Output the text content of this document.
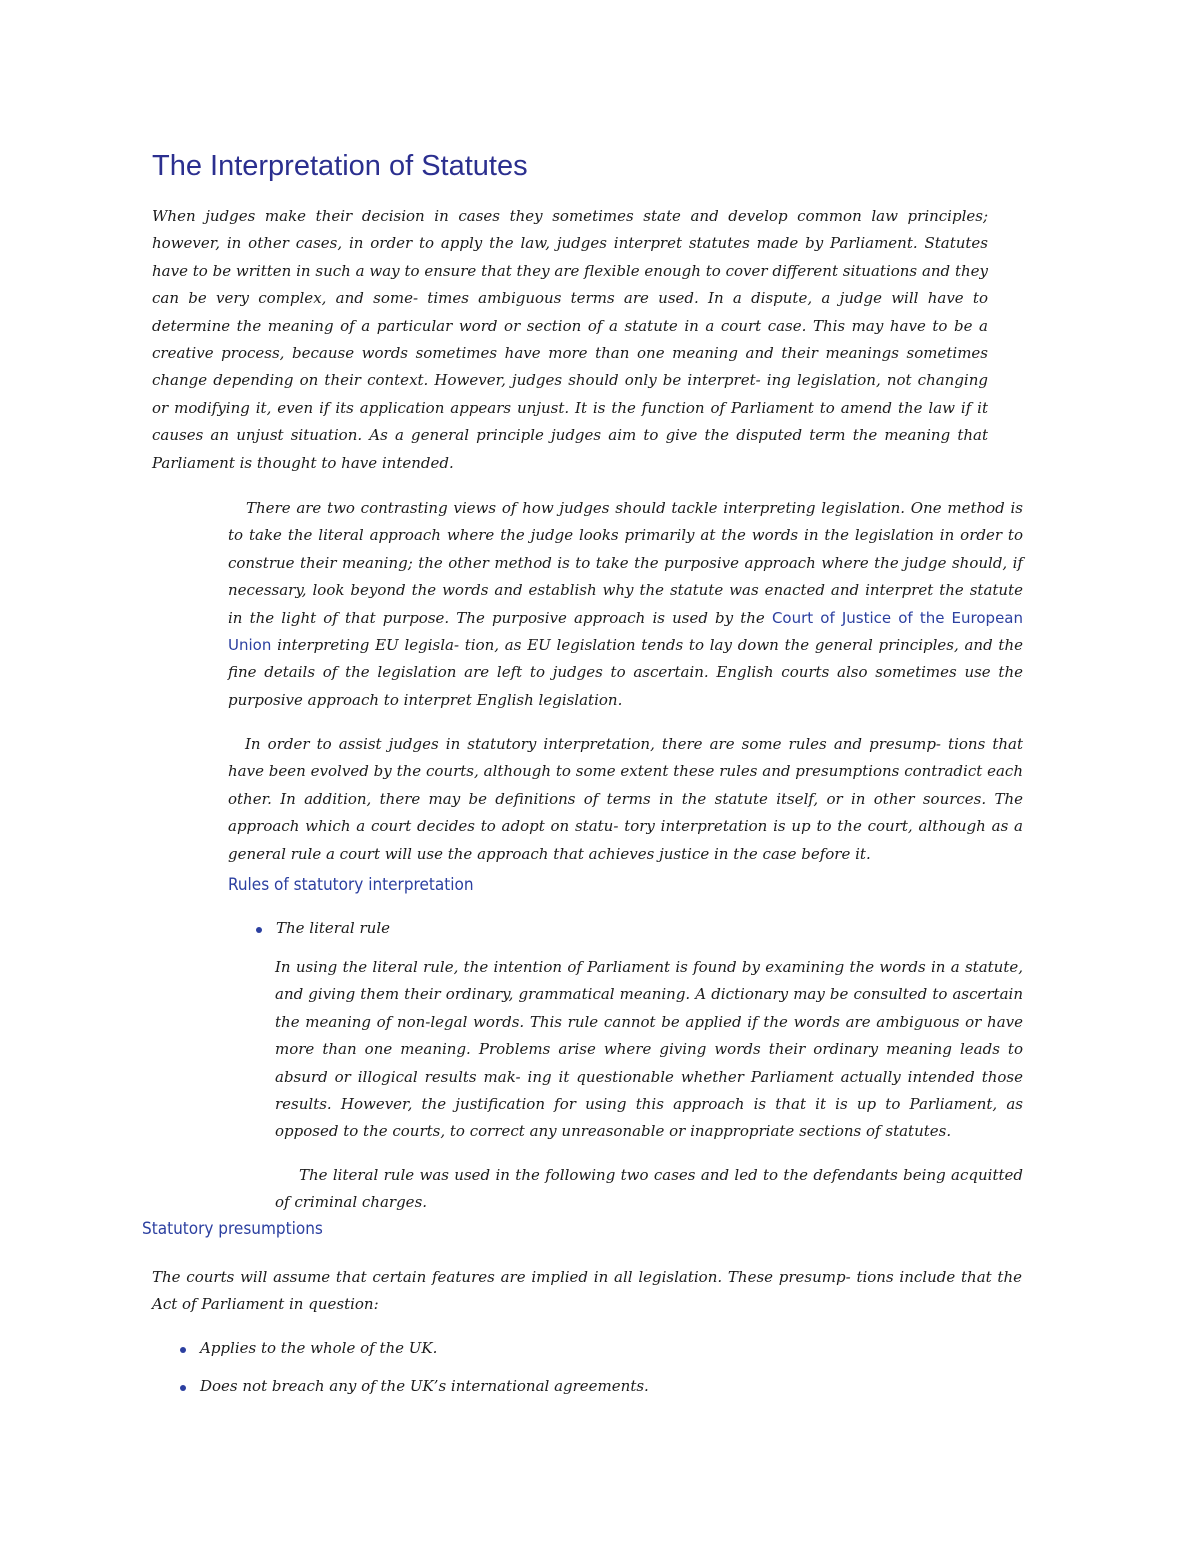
The Interpretation of Statutes

When judges make their decision in cases they sometimes state and develop common law principles; however, in other cases, in order to apply the law, judges interpret statutes made by Parliament. Statutes have to be written in such a way to ensure that they are flexible enough to cover different situations and they can be very complex, and some- times ambiguous terms are used. In a dispute, a judge will have to determine the meaning of a particular word or section of a statute in a court case. This may have to be a creative process, because words sometimes have more than one meaning and their meanings sometimes change depending on their context. However, judges should only be interpret- ing legislation, not changing or modifying it, even if its application appears unjust. It is the function of Parliament to amend the law if it causes an unjust situation. As a general principle judges aim to give the disputed term the meaning that Parliament is thought to have intended.

There are two contrasting views of how judges should tackle interpreting legislation. One method is to take the literal approach where the judge looks primarily at the words in the legislation in order to construe their meaning; the other method is to take the purposive approach where the judge should, if necessary, look beyond the words and establish why the statute was enacted and interpret the statute in the light of that purpose. The purposive approach is used by the Court of Justice of the European Union interpreting EU legisla- tion, as EU legislation tends to lay down the general principles, and the fine details of the legislation are left to judges to ascertain. English courts also sometimes use the purposive approach to interpret English legislation.

In order to assist judges in statutory interpretation, there are some rules and presump- tions that have been evolved by the courts, although to some extent these rules and presumptions contradict each other. In addition, there may be definitions of terms in the statute itself, or in other sources. The approach which a court decides to adopt on statu- tory interpretation is up to the court, although as a general rule a court will use the approach that achieves justice in the case before it.

Rules of statutory interpretation

The literal rule

In using the literal rule, the intention of Parliament is found by examining the words in a statute, and giving them their ordinary, grammatical meaning. A dictionary may be consulted to ascertain the meaning of non-legal words. This rule cannot be applied if the words are ambiguous or have more than one meaning. Problems arise where giving words their ordinary meaning leads to absurd or illogical results mak- ing it questionable whether Parliament actually intended those results. However, the justification for using this approach is that it is up to Parliament, as opposed to the courts, to correct any unreasonable or inappropriate sections of statutes.

The literal rule was used in the following two cases and led to the defendants being acquitted of criminal charges.

Statutory presumptions

The courts will assume that certain features are implied in all legislation. These presump- tions include that the Act of Parliament in question:

Applies to the whole of the UK.

Does not breach any of the UK’s international agreements.
